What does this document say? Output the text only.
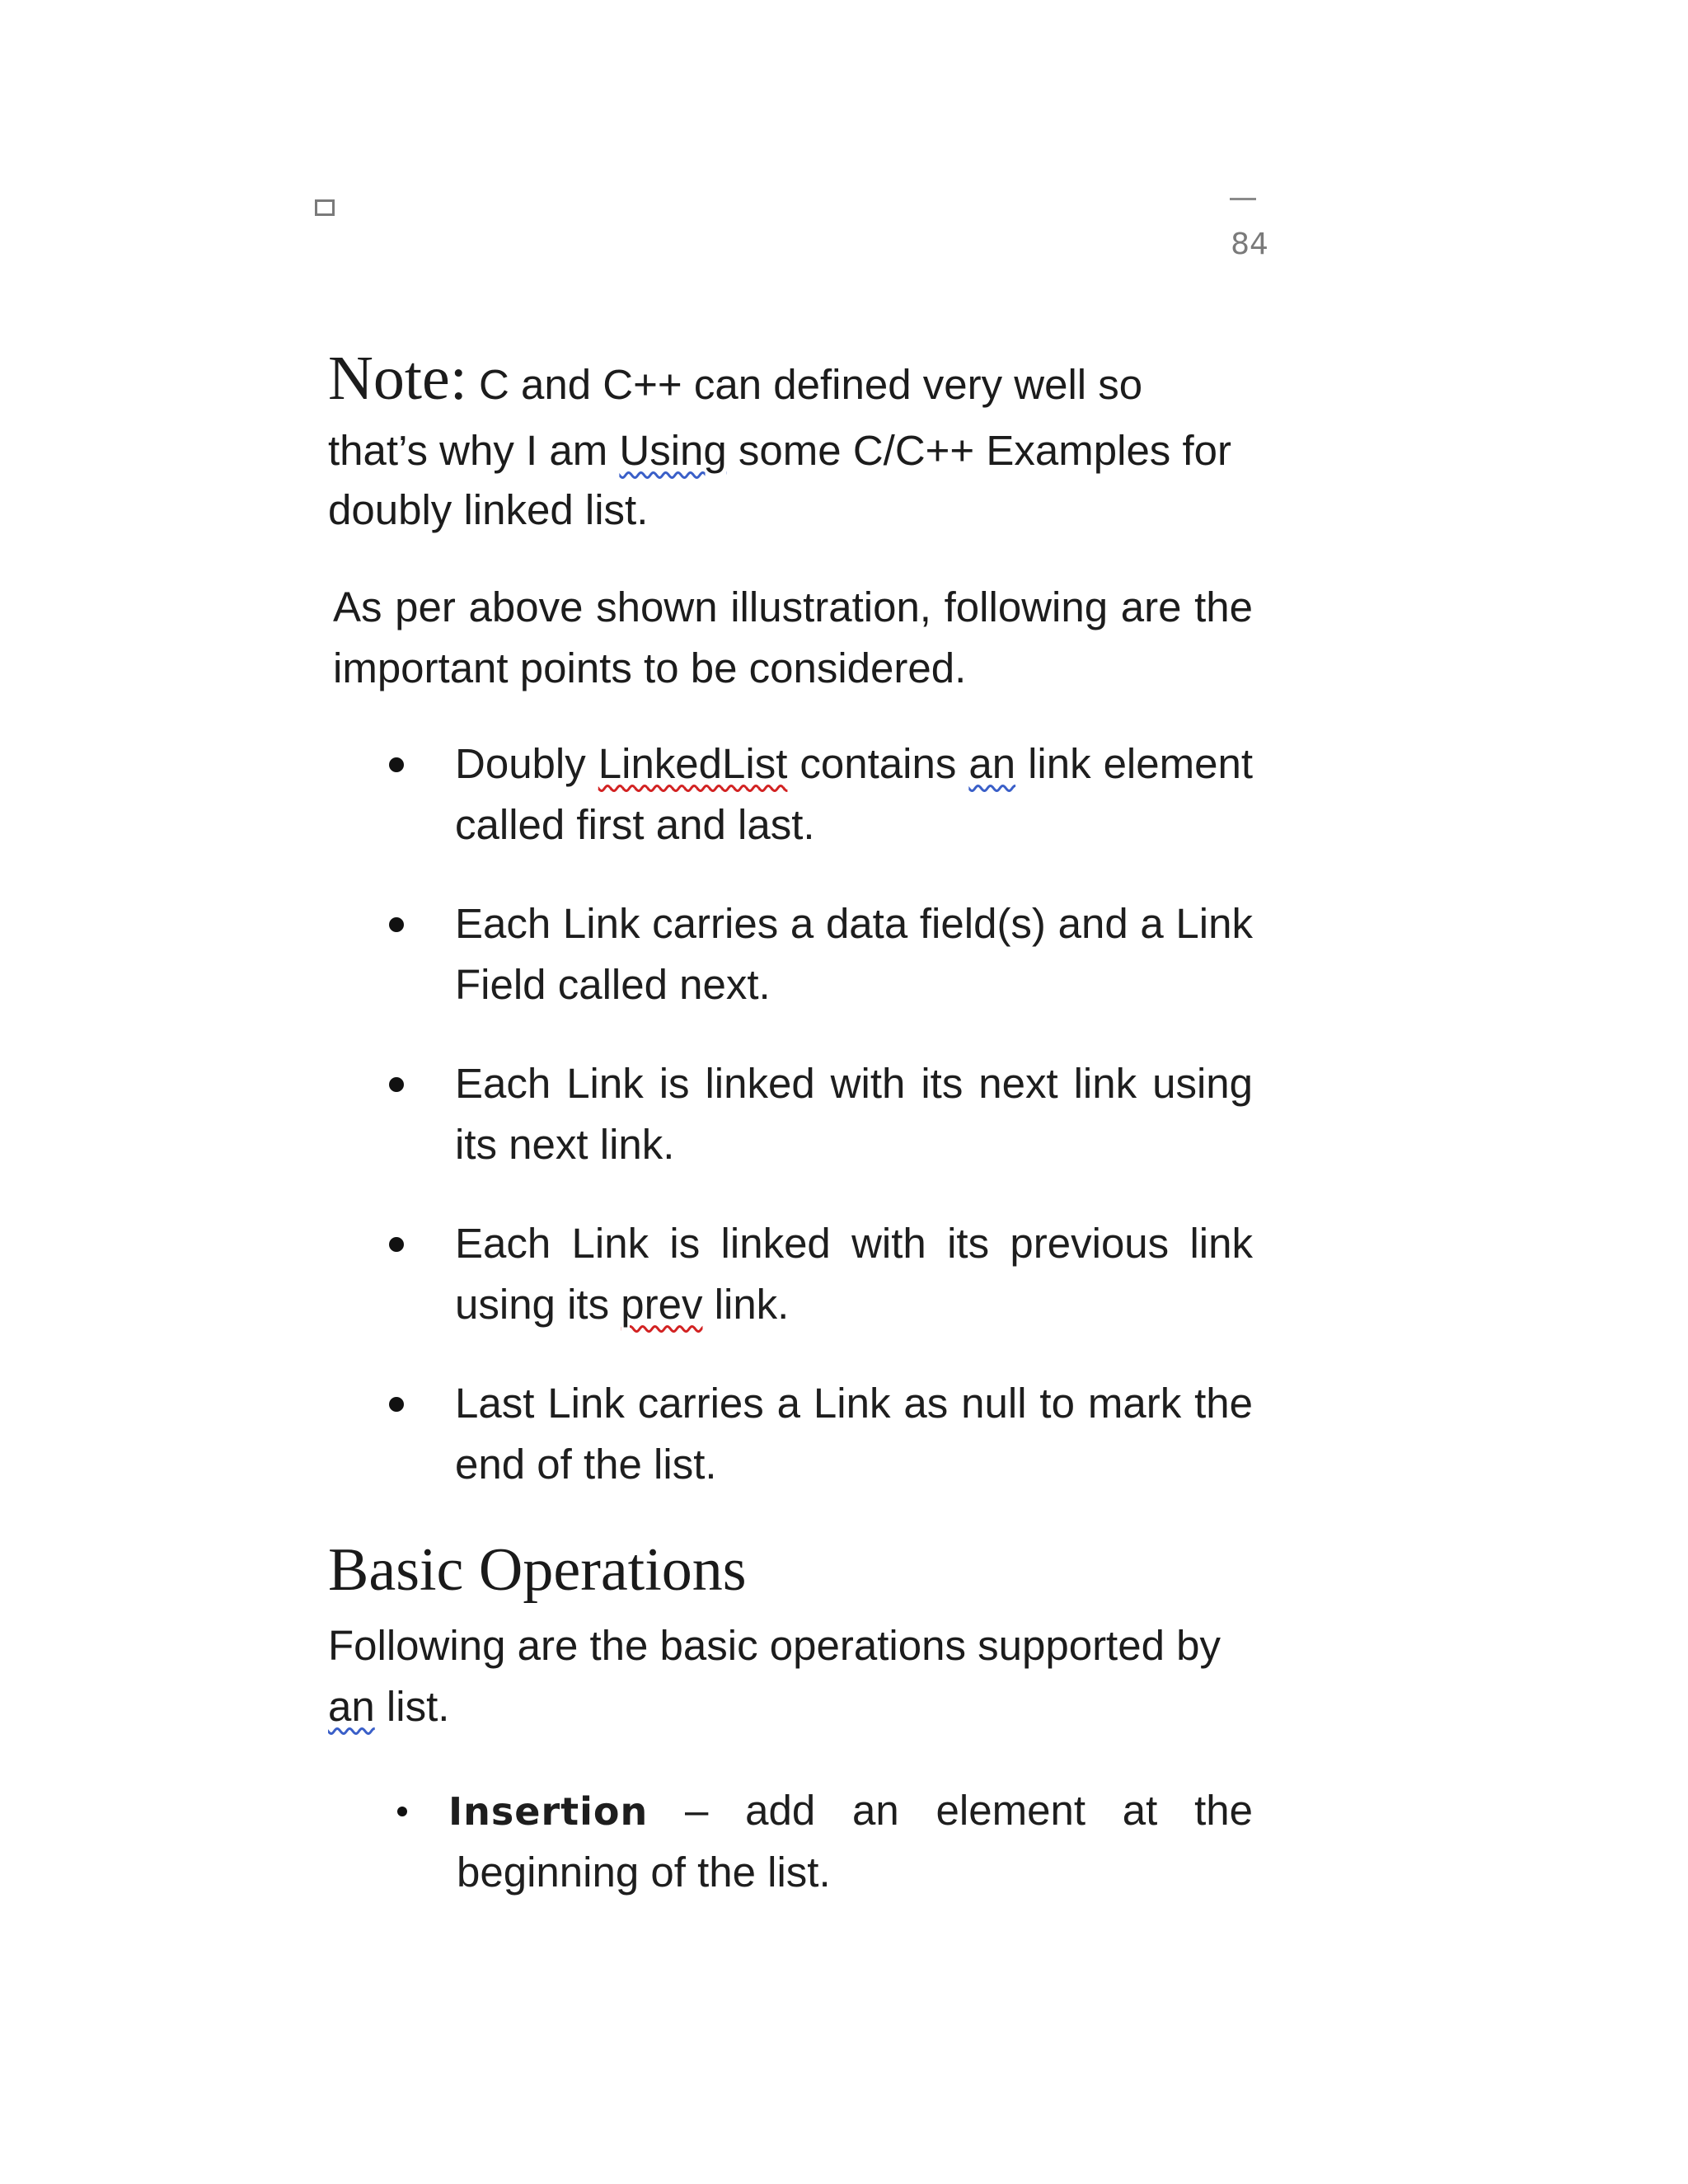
84
Note: C and C++ can defined very well so
that’s why I am Using some C/C++ Examples for
doubly linked list.
As per above shown illustration, following are the important points to be considered.
Doubly LinkedList contains an link element called first and last.
Each Link carries a data field(s) and a Link Field called next.
Each Link is linked with its next link using its next link.
Each Link is linked with its previous link using its prev link.
Last Link carries a Link as null to mark the end of the list.
Basic Operations
Following are the basic operations supported by an list.
Insertion – add an element at the
beginning of the list.
